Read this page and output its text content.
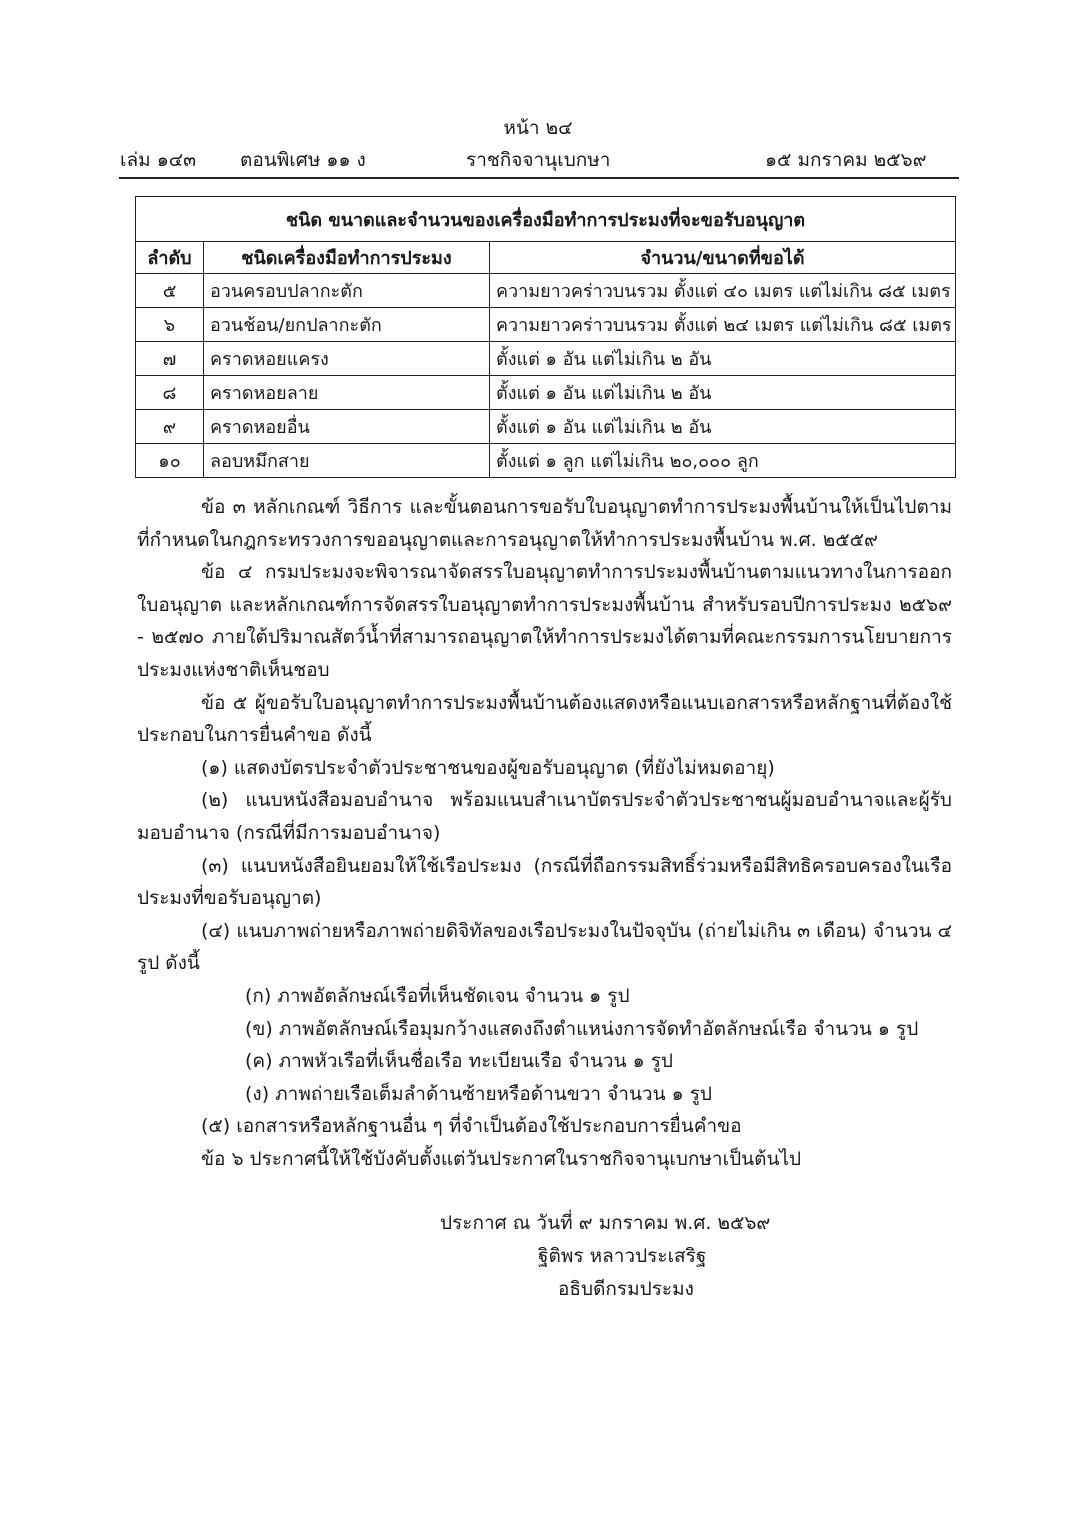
หน้า ๒๔
เล่ม ๑๔๓ ตอนพิเศษ ๑๑ ง	ราชกิจจานุเบกษา	๑๕ มกราคม ๒๕๖๙
ชนิด ขนาดและจำนวนของเครื่องมือทำการประมงที่จะขอรับอนุญาต		
ลำดับ	ชนิดเครื่องมือทำการประมง	จำนวน/ขนาดที่ขอได้
๕	อวนครอบปลากะตัก	ความยาวคร่าวบนรวม ตั้งแต่ ๔๐ เมตร แต่ไม่เกิน ๘๕ เมตร
๖	อวนช้อน/ยกปลากะตัก	ความยาวคร่าวบนรวม ตั้งแต่ ๒๔ เมตร แต่ไม่เกิน ๘๕ เมตร
๗	คราดหอยแครง	ตั้งแต่ ๑ อัน แต่ไม่เกิน ๒ อัน
๘	คราดหอยลาย	ตั้งแต่ ๑ อัน แต่ไม่เกิน ๒ อัน
๙	คราดหอยอื่น	ตั้งแต่ ๑ อัน แต่ไม่เกิน ๒ อัน
๑๐	ลอบหมึกสาย	ตั้งแต่ ๑ ลูก แต่ไม่เกิน ๒๐,๐๐๐ ลูก

ข้อ ๓ หลักเกณฑ์ วิธีการ และขั้นตอนการขอรับใบอนุญาตทำการประมงพื้นบ้านให้เป็นไปตามที่กำหนดในกฎกระทรวงการขออนุญาตและการอนุญาตให้ทำการประมงพื้นบ้าน พ.ศ. ๒๕๕๙

ข้อ ๔ กรมประมงจะพิจารณาจัดสรรใบอนุญาตทำการประมงพื้นบ้านตามแนวทางในการออกใบอนุญาต และหลักเกณฑ์การจัดสรรใบอนุญาตทำการประมงพื้นบ้าน สำหรับรอบปีการประมง ๒๕๖๙ - ๒๕๗๐ ภายใต้ปริมาณสัตว์น้ำที่สามารถอนุญาตให้ทำการประมงได้ตามที่คณะกรรมการนโยบายการประมงแห่งชาติเห็นชอบ

ข้อ ๕ ผู้ขอรับใบอนุญาตทำการประมงพื้นบ้านต้องแสดงหรือแนบเอกสารหรือหลักฐานที่ต้องใช้ประกอบในการยื่นคำขอ ดังนี้

(๑) แสดงบัตรประจำตัวประชาชนของผู้ขอรับอนุญาต (ที่ยังไม่หมดอายุ)

(๒) แนบหนังสือมอบอำนาจ พร้อมแนบสำเนาบัตรประจำตัวประชาชนผู้มอบอำนาจและผู้รับมอบอำนาจ (กรณีที่มีการมอบอำนาจ)

(๓) แนบหนังสือยินยอมให้ใช้เรือประมง (กรณีที่ถือกรรมสิทธิ์ร่วมหรือมีสิทธิครอบครองในเรือประมงที่ขอรับอนุญาต)

(๔) แนบภาพถ่ายหรือภาพถ่ายดิจิทัลของเรือประมงในปัจจุบัน (ถ่ายไม่เกิน ๓ เดือน) จำนวน ๔ รูป ดังนี้

(ก) ภาพอัตลักษณ์เรือที่เห็นชัดเจน จำนวน ๑ รูป

(ข) ภาพอัตลักษณ์เรือมุมกว้างแสดงถึงตำแหน่งการจัดทำอัตลักษณ์เรือ จำนวน ๑ รูป

(ค) ภาพหัวเรือที่เห็นชื่อเรือ ทะเบียนเรือ จำนวน ๑ รูป

(ง) ภาพถ่ายเรือเต็มลำด้านซ้ายหรือด้านขวา จำนวน ๑ รูป

(๕) เอกสารหรือหลักฐานอื่น ๆ ที่จำเป็นต้องใช้ประกอบการยื่นคำขอ

ข้อ ๖ ประกาศนี้ให้ใช้บังคับตั้งแต่วันประกาศในราชกิจจานุเบกษาเป็นต้นไป

ประกาศ ณ วันที่ ๙ มกราคม พ.ศ. ๒๕๖๙
ฐิติพร หลาวประเสริฐ
อธิบดีกรมประมง
